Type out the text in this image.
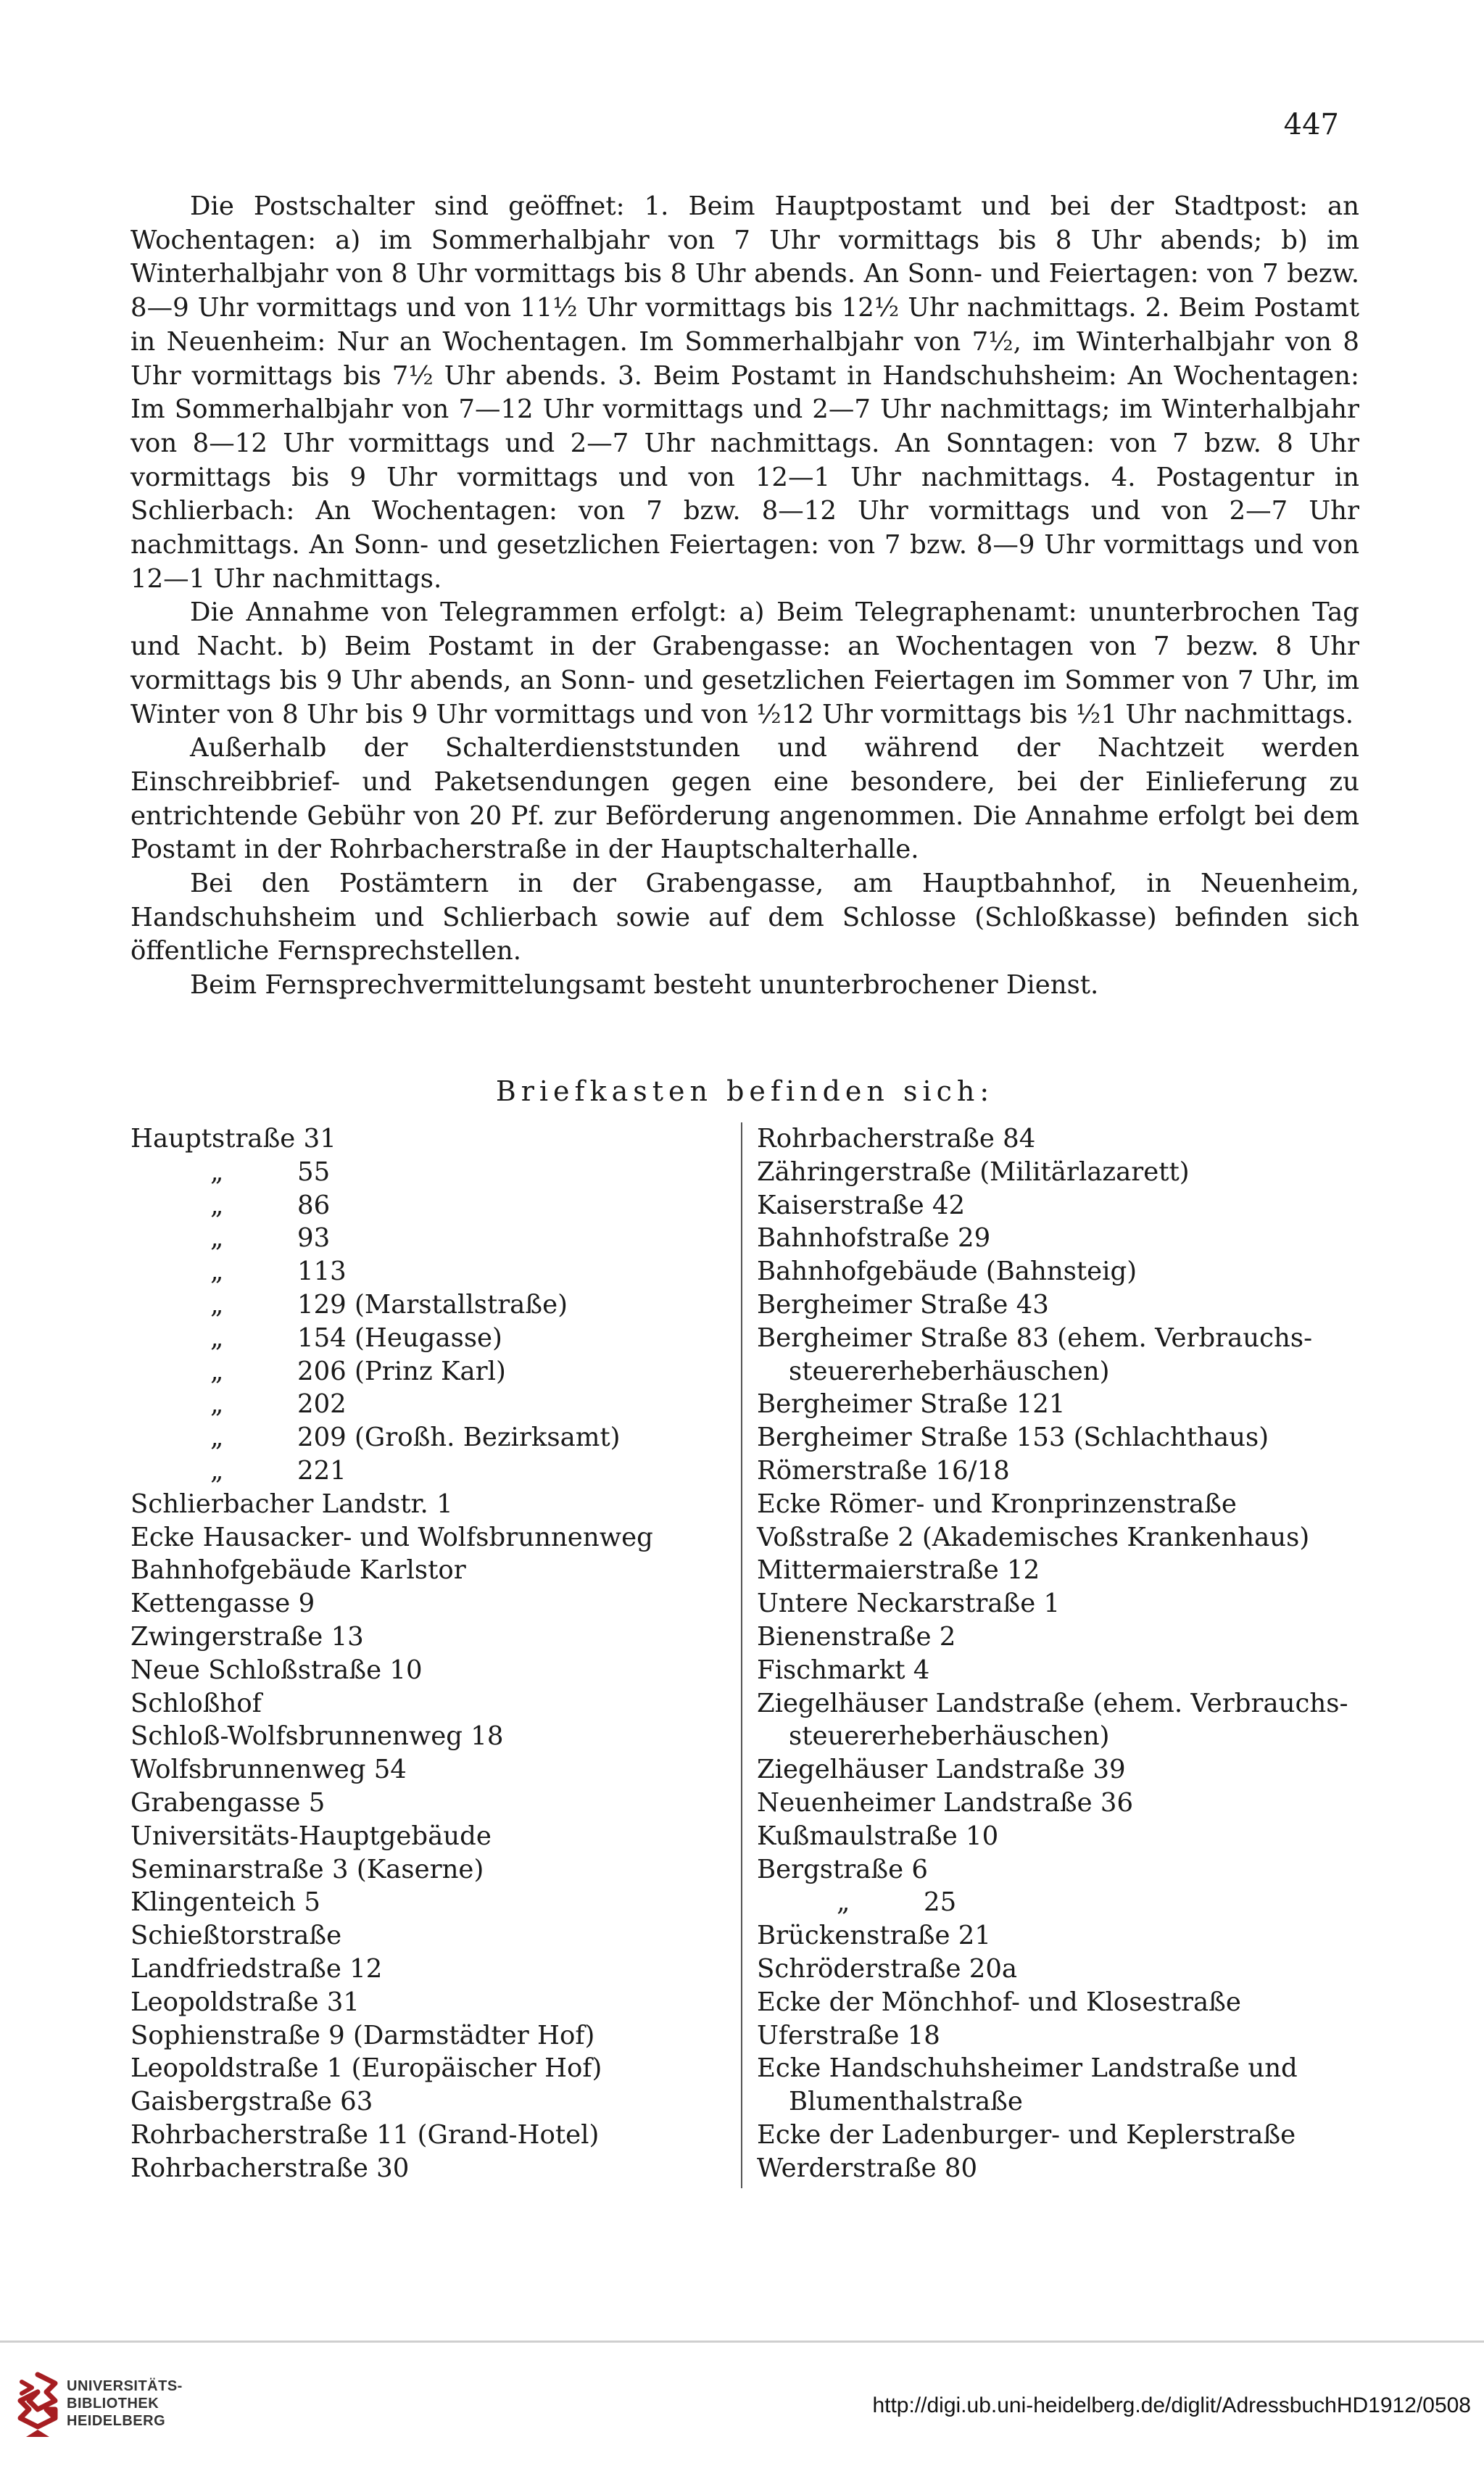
447

Die Postschalter sind geöffnet: 1. Beim Hauptpostamt und bei der Stadtpost: an Wochentagen: a) im Sommerhalbjahr von 7 Uhr vormittags bis 8 Uhr abends; b) im Winterhalbjahr von 8 Uhr vormittags bis 8 Uhr abends. An Sonn- und Feiertagen: von 7 bezw. 8—9 Uhr vormittags und von 11½ Uhr vormittags bis 12½ Uhr nachmittags. 2. Beim Postamt in Neuenheim: Nur an Wochentagen. Im Sommerhalbjahr von 7½, im Winterhalbjahr von 8 Uhr vormittags bis 7½ Uhr abends. 3. Beim Postamt in Handschuhsheim: An Wochentagen: Im Sommerhalbjahr von 7—12 Uhr vormittags und 2—7 Uhr nachmittags; im Winterhalbjahr von 8—12 Uhr vormittags und 2—7 Uhr nachmittags. An Sonntagen: von 7 bzw. 8 Uhr vormittags bis 9 Uhr vormittags und von 12—1 Uhr nachmittags. 4. Postagentur in Schlierbach: An Wochentagen: von 7 bzw. 8—12 Uhr vormittags und von 2—7 Uhr nachmittags. An Sonn- und gesetzlichen Feiertagen: von 7 bzw. 8—9 Uhr vormittags und von 12—1 Uhr nachmittags.

Die Annahme von Telegrammen erfolgt: a) Beim Telegraphenamt: ununterbrochen Tag und Nacht. b) Beim Postamt in der Grabengasse: an Wochentagen von 7 bezw. 8 Uhr vormittags bis 9 Uhr abends, an Sonn- und gesetzlichen Feiertagen im Sommer von 7 Uhr, im Winter von 8 Uhr bis 9 Uhr vormittags und von ½12 Uhr vormittags bis ½1 Uhr nachmittags.

Außerhalb der Schalterdienststunden und während der Nachtzeit werden Einschreibbrief- und Paketsendungen gegen eine besondere, bei der Einlieferung zu entrichtende Gebühr von 20 Pf. zur Beförderung angenommen. Die Annahme erfolgt bei dem Postamt in der Rohrbacherstraße in der Hauptschalterhalle.

Bei den Postämtern in der Grabengasse, am Hauptbahnhof, in Neuenheim, Handschuhsheim und Schlierbach sowie auf dem Schlosse (Schloßkasse) befinden sich öffentliche Fernsprechstellen.

Beim Fernsprechvermittelungsamt besteht ununterbrochener Dienst.

Briefkasten befinden sich:
Hauptstraße 31
„	55
„	86
„	93
„	113
„	129 (Marstallstraße)
„	154 (Heugasse)
„	206 (Prinz Karl)
„	202
„	209 (Großh. Bezirksamt)
„	221
Schlierbacher Landstr. 1
Ecke Hausacker- und Wolfsbrunnenweg
Bahnhofgebäude Karlstor
Kettengasse 9
Zwingerstraße 13
Neue Schloßstraße 10
Schloßhof
Schloß-Wolfsbrunnenweg 18
Wolfsbrunnenweg 54
Grabengasse 5
Universitäts-Hauptgebäude
Seminarstraße 3 (Kaserne)
Klingenteich 5
Schießtorstraße
Landfriedstraße 12
Leopoldstraße 31
Sophienstraße 9 (Darmstädter Hof)
Leopoldstraße 1 (Europäischer Hof)
Gaisbergstraße 63
Rohrbacherstraße 11 (Grand-Hotel)
Rohrbacherstraße 30
Rohrbacherstraße 84
Zähringerstraße (Militärlazarett)
Kaiserstraße 42
Bahnhofstraße 29
Bahnhofgebäude (Bahnsteig)
Bergheimer Straße 43
Bergheimer Straße 83 (ehem. Verbrauchs-
steuererheberhäuschen)
Bergheimer Straße 121
Bergheimer Straße 153 (Schlachthaus)
Römerstraße 16/18
Ecke Römer- und Kronprinzenstraße
Voßstraße 2 (Akademisches Krankenhaus)
Mittermaierstraße 12
Untere Neckarstraße 1
Bienenstraße 2
Fischmarkt 4
Ziegelhäuser Landstraße (ehem. Verbrauchs-
steuererheberhäuschen)
Ziegelhäuser Landstraße 39
Neuenheimer Landstraße 36
Kußmaulstraße 10
Bergstraße 6
„	25
Brückenstraße 21
Schröderstraße 20a
Ecke der Mönchhof- und Klosestraße
Uferstraße 18
Ecke Handschuhsheimer Landstraße und
Blumenthalstraße
Ecke der Ladenburger- und Keplerstraße
Werderstraße 80
UNIVERSITÄTS-
BIBLIOTHEK
HEIDELBERG
http://digi.ub.uni-heidelberg.de/diglit/AdressbuchHD1912/0508
